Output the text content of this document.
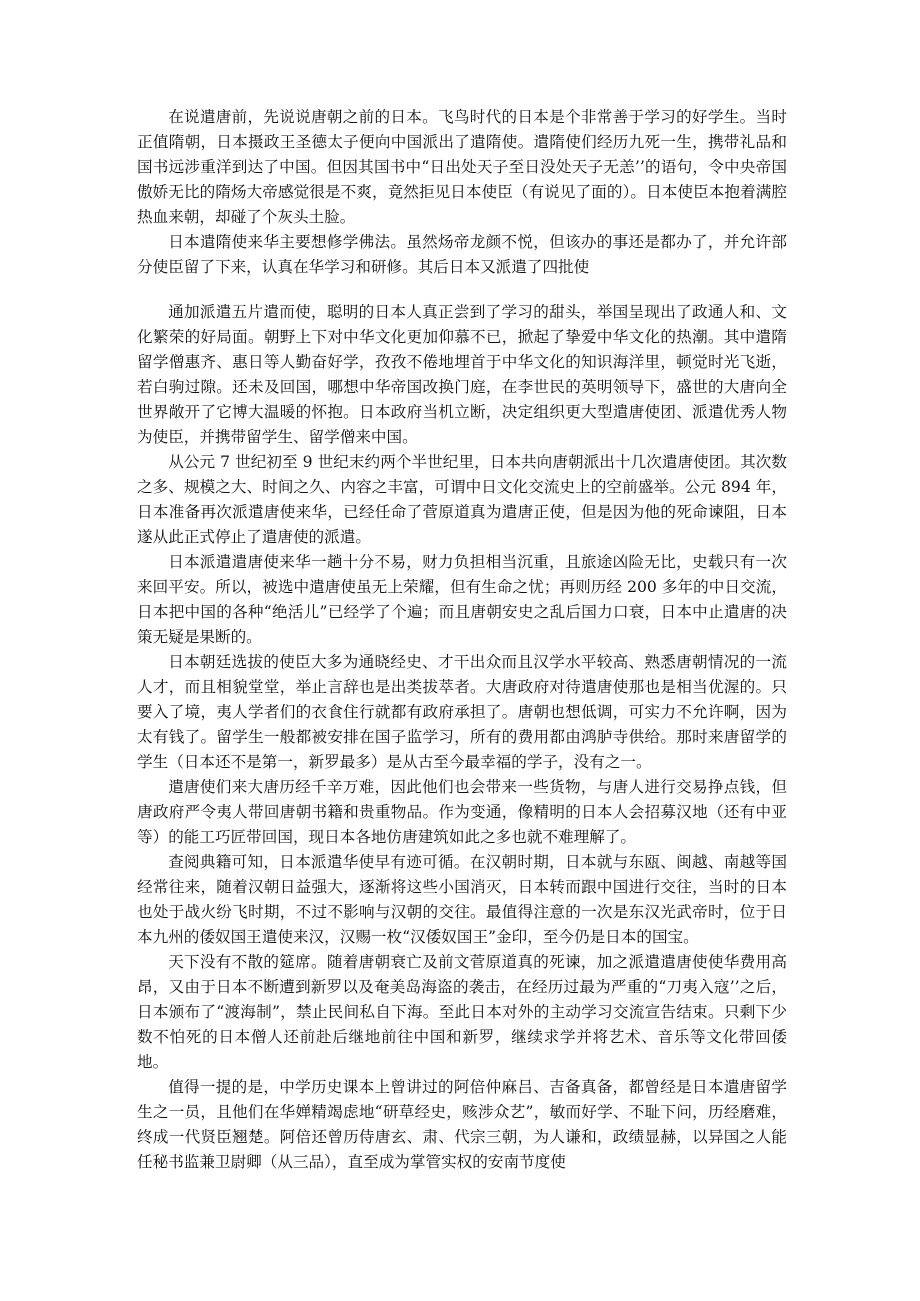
在说遣唐前，先说说唐朝之前的日本。飞鸟时代的日本是个非常善于学习的好学生。当时正值隋朝，日本摄政王圣德太子便向中国派出了遣隋使。遣隋使们经历九死一生，携带礼品和国书远涉重洋到达了中国。但因其国书中“日出处天子至日没处天子无恙’’的语句，令中央帝国傲娇无比的隋炀大帝感觉很是不爽，竟然拒见日本使臣（有说见了面的）。日本使臣本抱着满腔热血来朝，却碰了个灰头土脸。

日本遣隋使来华主要想修学佛法。虽然炀帝龙颜不悦，但该办的事还是都办了，并允许部分使臣留了下来，认真在华学习和研修。其后日本又派遣了四批使

通加派遣五片遣而使，聪明的日本人真正尝到了学习的甜头，举国呈现出了政通人和、文化繁荣的好局面。朝野上下对中华文化更加仰慕不已，掀起了挚爱中华文化的热潮。其中遣隋留学僧惠齐、惠日等人勤奋好学，孜孜不倦地埋首于中华文化的知识海洋里，顿觉时光飞逝，若白驹过隙。还未及回国，哪想中华帝国改换门庭，在李世民的英明领导下，盛世的大唐向全世界敞开了它博大温暖的怀抱。日本政府当机立断，决定组织更大型遣唐使团、派遣优秀人物为使臣，并携带留学生、留学僧来中国。

从公元 7 世纪初至 9 世纪末约两个半世纪里，日本共向唐朝派出十几次遣唐使团。其次数之多、规模之大、时间之久、内容之丰富，可谓中日文化交流史上的空前盛举。公元 894 年，日本准备再次派遣唐使来华，已经任命了菅原道真为遣唐正使，但是因为他的死命谏阻，日本遂从此正式停止了遣唐使的派遣。

日本派遣遣唐使来华一趟十分不易，财力负担相当沉重，且旅途凶险无比，史载只有一次来回平安。所以，被选中遣唐使虽无上荣耀，但有生命之忧；再则历经 200 多年的中日交流，日本把中国的各种“绝活儿”已经学了个遍；而且唐朝安史之乱后国力口衰，日本中止遣唐的决策无疑是果断的。

日本朝廷选拔的使臣大多为通晓经史、才干出众而且汉学水平较高、熟悉唐朝情况的一流人才，而且相貌堂堂，举止言辞也是出类拔萃者。大唐政府对待遣唐使那也是相当优渥的。只要入了境，夷人学者们的衣食住行就都有政府承担了。唐朝也想低调，可实力不允许啊，因为太有钱了。留学生一般都被安排在国子监学习，所有的费用都由鸿胪寺供给。那时来唐留学的学生（日本还不是第一，新罗最多）是从古至今最幸福的学子，没有之一。

遣唐使们来大唐历经千辛万难，因此他们也会带来一些货物，与唐人进行交易挣点钱，但唐政府严令夷人带回唐朝书籍和贵重物品。作为变通，像精明的日本人会招募汉地（还有中亚等）的能工巧匠带回国，现日本各地仿唐建筑如此之多也就不难理解了。

查阅典籍可知，日本派遣华使早有迹可循。在汉朝时期，日本就与东瓯、闽越、南越等国经常往来，随着汉朝日益强大，逐渐将这些小国消灭，日本转而跟中国进行交往，当时的日本也处于战火纷飞时期，不过不影响与汉朝的交往。最值得注意的一次是东汉光武帝时，位于日本九州的倭奴国王遣使来汉，汉赐一枚“汉倭奴国王”金印，至今仍是日本的国宝。

天下没有不散的筵席。随着唐朝衰亡及前文菅原道真的死谏，加之派遣遣唐使使华费用高昂，又由于日本不断遭到新罗以及奄美岛海盗的袭击，在经历过最为严重的“刀夷入寇’’之后，日本颁布了“渡海制”，禁止民间私自下海。至此日本对外的主动学习交流宣告结束。只剩下少数不怕死的日本僧人还前赴后继地前往中国和新罗，继续求学并将艺术、音乐等文化带回倭地。

值得一提的是，中学历史课本上曾讲过的阿倍仲麻吕、吉备真备，都曾经是日本遣唐留学生之一员，且他们在华婵精竭虑地“研草经史，赅涉众艺”，敏而好学、不耻下问，历经磨难，终成一代贤臣翘楚。阿倍还曾历侍唐玄、肃、代宗三朝，为人谦和，政绩显赫，以异国之人能任秘书监兼卫尉卿（从三品），直至成为掌管实权的安南节度使
